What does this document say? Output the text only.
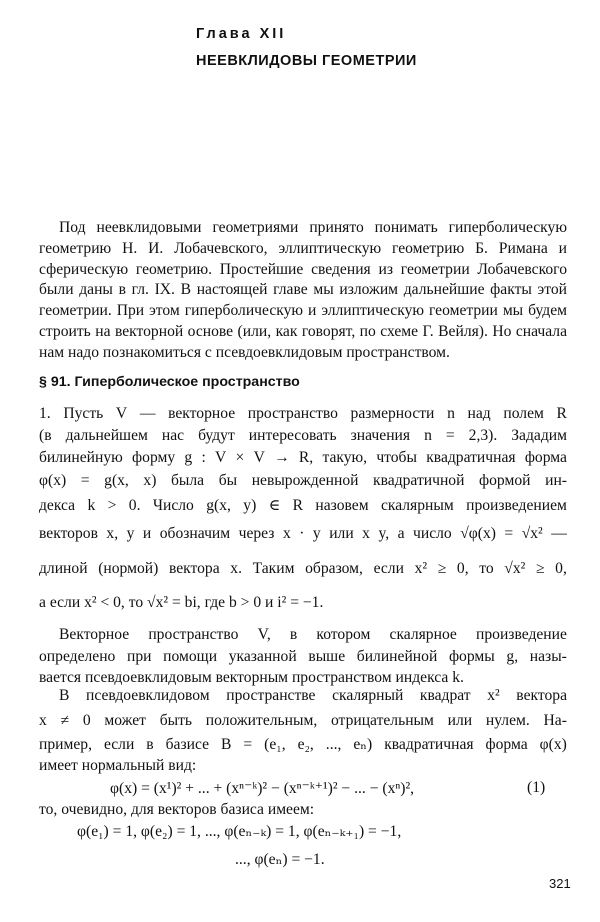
Глава XII
НЕЕВКЛИДОВЫ ГЕОМЕТРИИ
Под неевклидовыми геометриями принято понимать гиперболическую геометрию Н. И. Лобачевского, эллиптическую геометрию Б. Римана и сферическую геометрию. Простейшие сведения из геометрии Лобачевского были даны в гл. IX. В настоящей главе мы изложим дальнейшие факты этой геометрии. При этом гиперболическую и эллиптическую геометрии мы будем строить на векторной основе (или, как говорят, по схеме Г. Вейля). Но сначала нам надо познакомиться с псевдоевклидовым пространством.
§ 91. Гиперболическое пространство
1. Пусть V — векторное пространство размерности n над полем R
(в дальнейшем нас будут интересовать значения n = 2,3). Зададим
билинейную форму g : V × V → R, такую, чтобы квадратичная форма
φ(x) = g(x, x) была бы невырожденной квадратичной формой ин-
декса k > 0. Число g(x, y) ∈ R назовем скалярным произведением
векторов x, y и обозначим через x · y или x y, а число √φ(x) = √x² —
длиной (нормой) вектора x. Таким образом, если x² ≥ 0, то √x² ≥ 0,
а если x² < 0, то √x² = bi, где b > 0 и i² = −1.
Векторное пространство V, в котором скалярное произведение
определено при помощи указанной выше билинейной формы g, назы-
вается псевдоевклидовым векторным пространством индекса k.
В псевдоевклидовом пространстве скалярный квадрат x² вектора
x ≠ 0 может быть положительным, отрицательным или нулем. На-
пример, если в базисе B = (e₁, e₂, ..., eₙ) квадратичная форма φ(x)
имеет нормальный вид:
φ(x) = (x¹)² + ... + (xⁿ⁻ᵏ)² − (xⁿ⁻ᵏ⁺¹)² − ... − (xⁿ)²,	(1)
то, очевидно, для векторов базиса имеем:
φ(e₁) = 1, φ(e₂) = 1, ..., φ(eₙ₋ₖ) = 1, φ(eₙ₋ₖ₊₁) = −1,
..., φ(eₙ) = −1.
321
